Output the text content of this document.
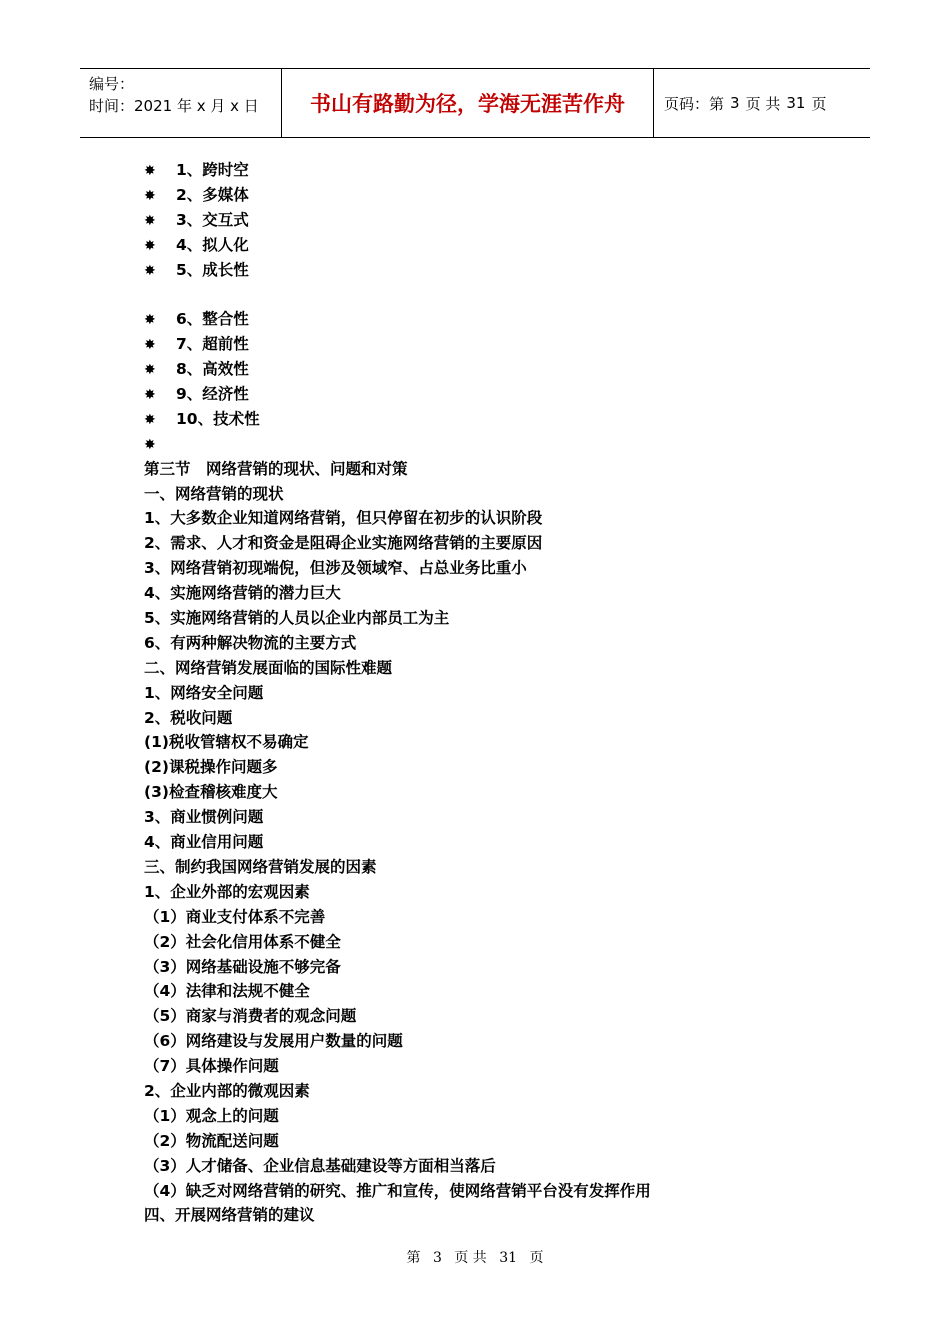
编号：
时间：2021 年 x 月 x 日	书山有路勤为径，学海无涯苦作舟	页码：第 3 页 共 31 页
✸ 1、跨时空
✸ 2、多媒体
✸ 3、交互式
✸ 4、拟人化
✸ 5、成长性
✸ 6、整合性
✸ 7、超前性
✸ 8、高效性
✸ 9、经济性
✸ 10、技术性
✸
第三节　网络营销的现状、问题和对策
一、网络营销的现状
1、大多数企业知道网络营销，但只停留在初步的认识阶段
2、需求、人才和资金是阻碍企业实施网络营销的主要原因
3、网络营销初现端倪，但涉及领域窄、占总业务比重小
4、实施网络营销的潜力巨大
5、实施网络营销的人员以企业内部员工为主
6、有两种解决物流的主要方式
二、网络营销发展面临的国际性难题
1、网络安全问题
2、税收问题
(1)税收管辖权不易确定
(2)课税操作问题多
(3)检查稽核难度大
3、商业惯例问题
4、商业信用问题
三、制约我国网络营销发展的因素
1、企业外部的宏观因素
（1）商业支付体系不完善
（2）社会化信用体系不健全
（3）网络基础设施不够完备
（4）法律和法规不健全
（5）商家与消费者的观念问题
（6）网络建设与发展用户数量的问题
（7）具体操作问题
2、企业内部的微观因素
（1）观念上的问题
（2）物流配送问题
（3）人才储备、企业信息基础建设等方面相当落后
（4）缺乏对网络营销的研究、推广和宣传，使网络营销平台没有发挥作用
四、开展网络营销的建议
第 3 页 共 31 页
